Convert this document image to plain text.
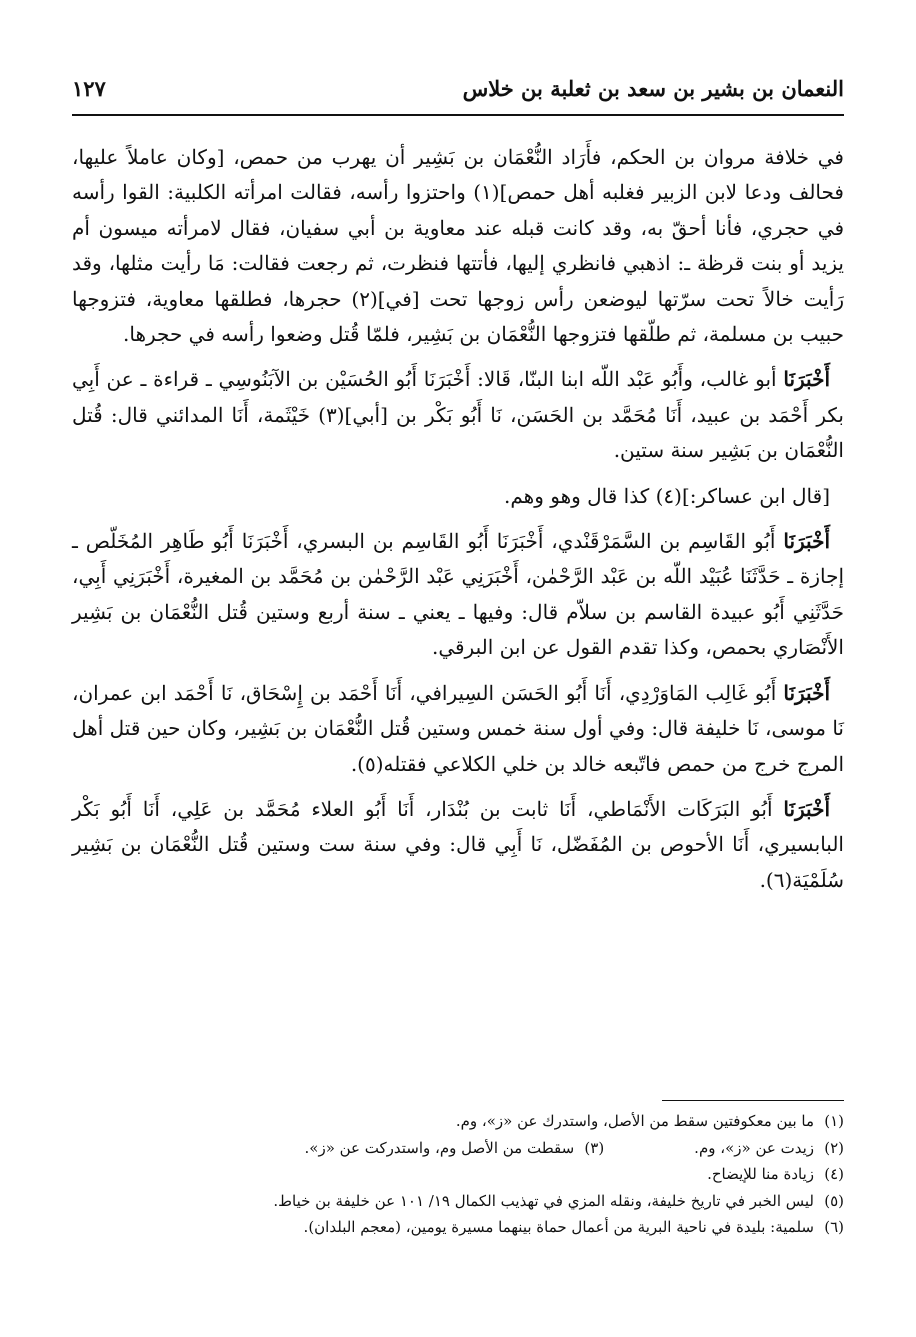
النعمان بن بشير بن سعد بن ثعلبة بن خلاس
١٢٧

في خلافة مروان بن الحكم، فأَرَاد النُّعْمَان بن بَشِير أن يهرب من حمص، [وكان عاملاً عليها، فحالف ودعا لابن الزبير فغلبه أهل حمص](١) واحتزوا رأسه، فقالت امرأته الكلبية: القوا رأسه في حجري، فأنا أحقّ به، وقد كانت قبله عند معاوية بن أبي سفيان، فقال لامرأته ميسون أم يزيد أو بنت قرظة ـ: اذهبي فانظري إليها، فأتتها فنظرت، ثم رجعت فقالت: مَا رأيت مثلها، وقد رَأيت خالاً تحت سرّتها ليوضعن رأس زوجها تحت [في](٢) حجرها، فطلقها معاوية، فتزوجها حبيب بن مسلمة، ثم طلّقها فتزوجها النُّعْمَان بن بَشِير، فلمّا قُتل وضعوا رأسه في حجرها.

أَخْبَرَنَا أبو غالب، وأَبُو عَبْد اللّه ابنا البنّا، قَالا: أَخْبَرَنَا أَبُو الحُسَيْن بن الآبَنُوسِي ـ قراءة ـ عن أَبِي بكر أَحْمَد بن عبيد، أَنَا مُحَمَّد بن الحَسَن، نَا أَبُو بَكْر بن [أبي](٣) خَيْثَمة، أَنَا المدائني قال: قُتل النُّعْمَان بن بَشِير سنة ستين.

[قال ابن عساكر:](٤) كذا قال وهو وهم.

أَخْبَرَنَا أَبُو القَاسِم بن السَّمَرْقَنْدي، أَخْبَرَنَا أَبُو القَاسِم بن البسري، أَخْبَرَنَا أَبُو طَاهِر المُخَلّص ـ إجازة ـ حَدَّثَنَا عُبَيْد اللّه بن عَبْد الرَّحْمٰن، أَخْبَرَنِي عَبْد الرَّحْمٰن بن مُحَمَّد بن المغيرة، أَخْبَرَنِي أَبِي، حَدَّثَنِي أَبُو عبيدة القاسم بن سلاّم قال: وفيها ـ يعني ـ سنة أربع وستين قُتل النُّعْمَان بن بَشِير الأَنْصَاري بحمص، وكذا تقدم القول عن ابن البرقي.

أَخْبَرَنَا أَبُو غَالِب المَاوَرْدِي، أَنَا أَبُو الحَسَن السِيرافي، أَنَا أَحْمَد بن إِسْحَاق، نَا أَحْمَد ابن عمران، نَا موسى، نَا خليفة قال: وفي أول سنة خمس وستين قُتل النُّعْمَان بن بَشِير، وكان حين قتل أهل المرج خرج من حمص فاتّبعه خالد بن خلي الكلاعي فقتله(٥).

أَخْبَرَنَا أَبُو البَرَكَات الأَنْمَاطي، أَنَا ثابت بن بُنْدَار، أَنَا أَبُو العلاء مُحَمَّد بن عَلِي، أَنَا أَبُو بَكْر البابسيري، أَنَا الأحوص بن المُفَضّل، نَا أَبِي قال: وفي سنة ست وستين قُتل النُّعْمَان بن بَشِير سُلَمْيَة(٦).

(١)ما بين معكوفتين سقط من الأصل، واستدرك عن «ز»، وم.
(٢)زيدت عن «ز»، وم.(٣)سقطت من الأصل وم، واستدركت عن «ز».
(٤)زيادة منا للإيضاح.
(٥)ليس الخبر في تاريخ خليفة، ونقله المزي في تهذيب الكمال ١٩/ ١٠١ عن خليفة بن خياط.
(٦)سلمية: بليدة في ناحية البرية من أعمال حماة بينهما مسيرة يومين، (معجم البلدان).
